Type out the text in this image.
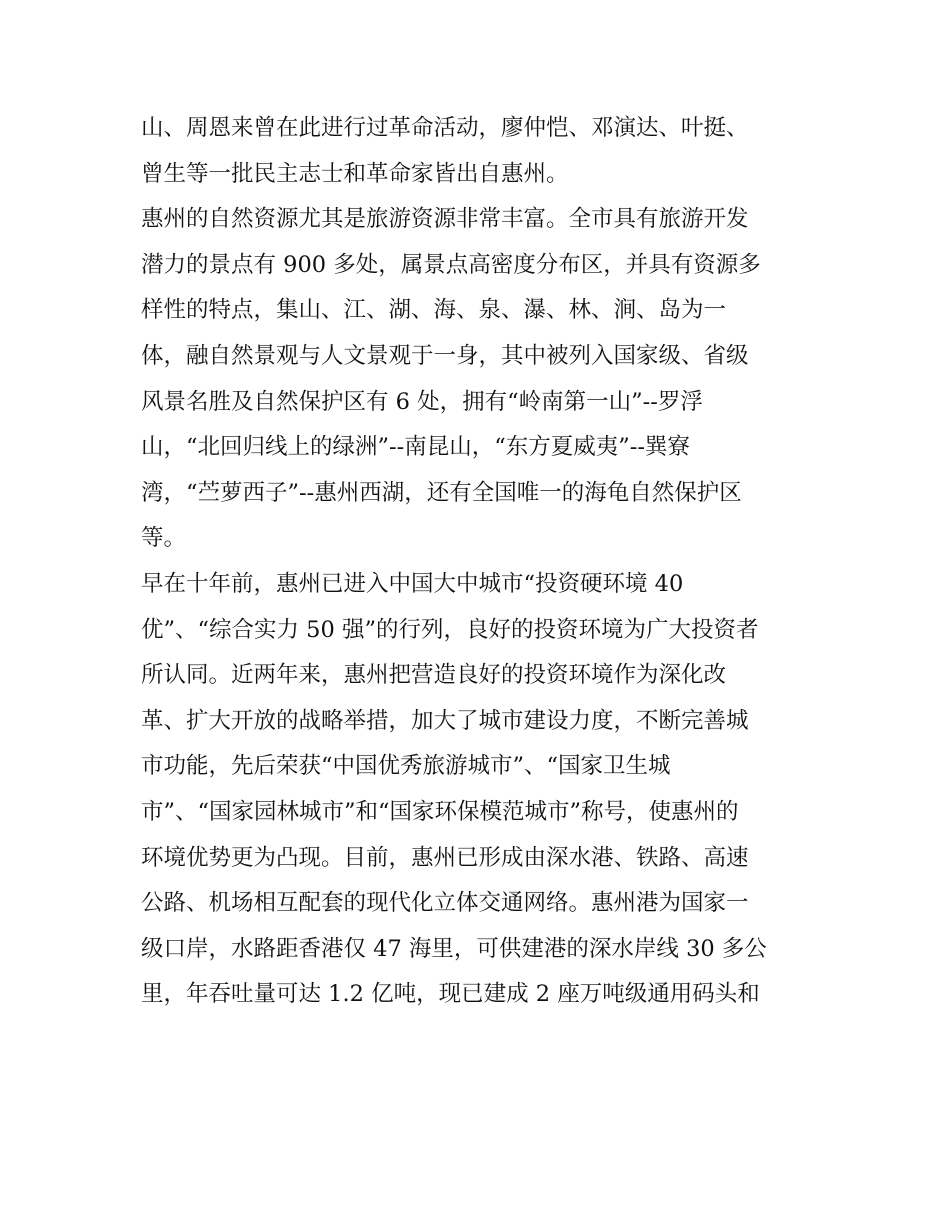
山、周恩来曾在此进行过革命活动，廖仲恺、邓演达、叶挺、
曾生等一批民主志士和革命家皆出自惠州。
惠州的自然资源尤其是旅游资源非常丰富。全市具有旅游开发
潜力的景点有 900 多处，属景点高密度分布区，并具有资源多
样性的特点，集山、江、湖、海、泉、瀑、林、涧、岛为一
体，融自然景观与人文景观于一身，其中被列入国家级、省级
风景名胜及自然保护区有 6 处，拥有“岭南第一山”--罗浮
山，“北回归线上的绿洲”--南昆山，“东方夏威夷”--巽寮
湾，“苎萝西子”--惠州西湖，还有全国唯一的海龟自然保护区
等。
早在十年前，惠州已进入中国大中城市“投资硬环境 40
优”、“综合实力 50 强”的行列，良好的投资环境为广大投资者
所认同。近两年来，惠州把营造良好的投资环境作为深化改
革、扩大开放的战略举措，加大了城市建设力度，不断完善城
市功能，先后荣获“中国优秀旅游城市”、“国家卫生城
市”、“国家园林城市”和“国家环保模范城市”称号，使惠州的
环境优势更为凸现。目前，惠州已形成由深水港、铁路、高速
公路、机场相互配套的现代化立体交通网络。惠州港为国家一
级口岸，水路距香港仅 47 海里，可供建港的深水岸线 30 多公
里，年吞吐量可达 1.2 亿吨，现已建成 2 座万吨级通用码头和
